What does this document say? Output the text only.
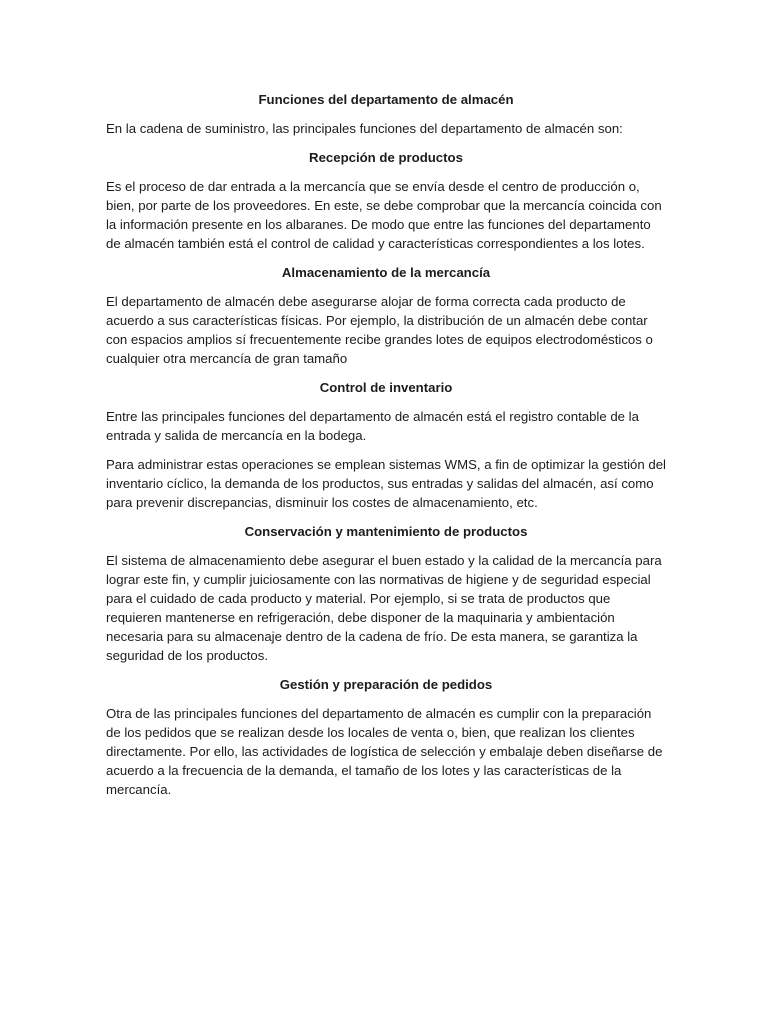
Funciones del departamento de almacén

En la cadena de suministro, las principales funciones del departamento de almacén son:

Recepción de productos

Es el proceso de dar entrada a la mercancía que se envía desde el centro de producción o, bien, por parte de los proveedores. En este, se debe comprobar que la mercancía coincida con la información presente en los albaranes. De modo que entre las funciones del departamento de almacén también está el control de calidad y características correspondientes a los lotes.

Almacenamiento de la mercancía

El departamento de almacén debe asegurarse alojar de forma correcta cada producto de acuerdo a sus características físicas. Por ejemplo, la distribución de un almacén debe contar con espacios amplios sí frecuentemente recibe grandes lotes de equipos electrodomésticos o cualquier otra mercancía de gran tamaño

Control de inventario

Entre las principales funciones del departamento de almacén está el registro contable de la entrada y salida de mercancía en la bodega.

Para administrar estas operaciones se emplean sistemas WMS, a fin de optimizar la gestión del inventario cíclico, la demanda de los productos, sus entradas y salidas del almacén, así como para prevenir discrepancias, disminuir los costes de almacenamiento, etc.

Conservación y mantenimiento de productos

El sistema de almacenamiento debe asegurar el buen estado y la calidad de la mercancía para lograr este fin, y cumplir juiciosamente con las normativas de higiene y de seguridad especial para el cuidado de cada producto y material. Por ejemplo, si se trata de productos que requieren mantenerse en refrigeración, debe disponer de la maquinaria y ambientación necesaria para su almacenaje dentro de la cadena de frío. De esta manera, se garantiza la seguridad de los productos.

Gestión y preparación de pedidos

Otra de las principales funciones del departamento de almacén es cumplir con la preparación de los pedidos que se realizan desde los locales de venta o, bien, que realizan los clientes directamente. Por ello, las actividades de logística de selección y embalaje deben diseñarse de acuerdo a la frecuencia de la demanda, el tamaño de los lotes y las características de la mercancía.
